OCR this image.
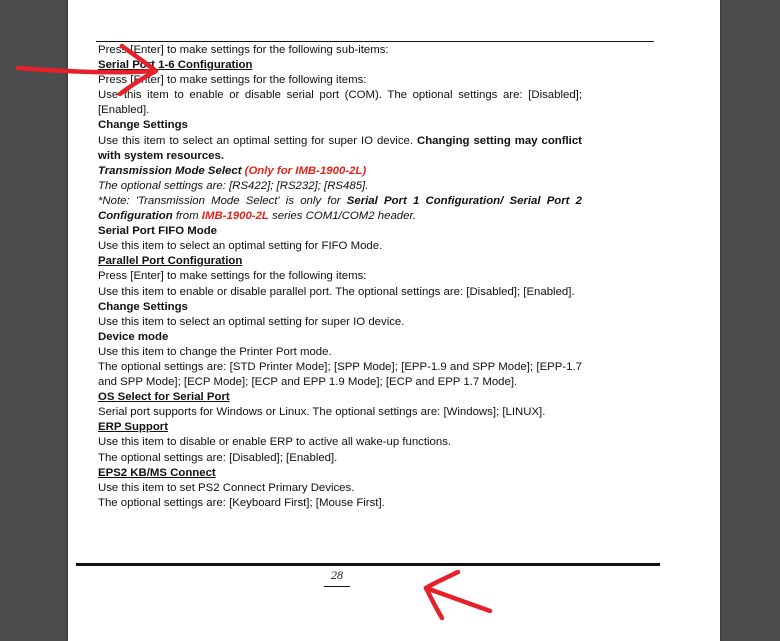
Press [Enter] to make settings for the following sub-items:

Serial Port 1-6 Configuration

Press [Enter] to make settings for the following items:

Use this item to enable or disable serial port (COM). The optional settings are: [Disabled]; [Enabled].

Change Settings

Use this item to select an optimal setting for super IO device. Changing setting may conflict with system resources.

Transmission Mode Select (Only for IMB-1900-2L)

The optional settings are: [RS422]; [RS232]; [RS485].

*Note: 'Transmission Mode Select' is only for Serial Port 1 Configuration/ Serial Port 2 Configuration from IMB-1900-2L series COM1/COM2 header.

Serial Port FIFO Mode

Use this item to select an optimal setting for FIFO Mode.

Parallel Port Configuration

Press [Enter] to make settings for the following items:

Use this item to enable or disable parallel port. The optional settings are: [Disabled]; [Enabled].

Change Settings

Use this item to select an optimal setting for super IO device.

Device mode

Use this item to change the Printer Port mode.

The optional settings are: [STD Printer Mode]; [SPP Mode]; [EPP-1.9 and SPP Mode]; [EPP-1.7 and SPP Mode]; [ECP Mode]; [ECP and EPP 1.9 Mode]; [ECP and EPP 1.7 Mode].

OS Select for Serial Port

Serial port supports for Windows or Linux. The optional settings are: [Windows]; [LINUX].

ERP Support

Use this item to disable or enable ERP to active all wake-up functions.

The optional settings are: [Disabled]; [Enabled].

EPS2 KB/MS Connect

Use this item to set PS2 Connect Primary Devices.

The optional settings are: [Keyboard First]; [Mouse First].

28
